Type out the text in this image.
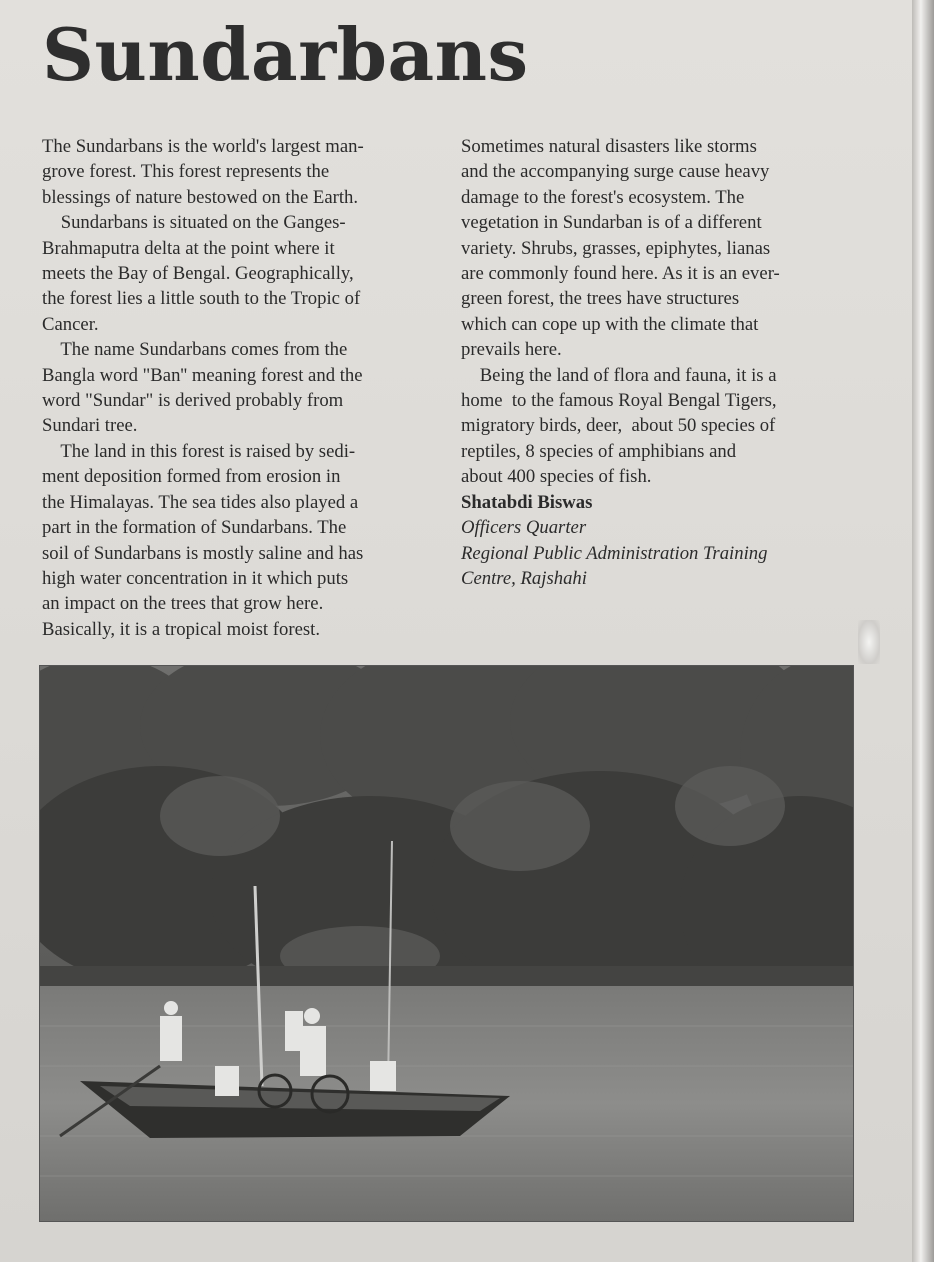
Sundarbans
The Sundarbans is the world's largest man-
grove forest. This forest represents the
blessings of nature bestowed on the Earth.
Sundarbans is situated on the Ganges-
Brahmaputra delta at the point where it
meets the Bay of Bengal. Geographically,
the forest lies a little south to the Tropic of
Cancer.
The name Sundarbans comes from the
Bangla word "Ban'' meaning forest and the
word "Sundar" is derived probably from
Sundari tree.
The land in this forest is raised by sedi-
ment deposition formed from erosion in
the Himalayas. The sea tides also played a
part in the formation of Sundarbans. The
soil of Sundarbans is mostly saline and has
high water concentration in it which puts
an impact on the trees that grow here.
Basically, it is a tropical moist forest.
Sometimes natural disasters like storms
and the accompanying surge cause heavy
damage to the forest's ecosystem. The
vegetation in Sundarban is of a different
variety. Shrubs, grasses, epiphytes, lianas
are commonly found here. As it is an ever-
green forest, the trees have structures
which can cope up with the climate that
prevails here.
Being the land of flora and fauna, it is a
home  to the famous Royal Bengal Tigers,
migratory birds, deer,  about 50 species of
reptiles, 8 species of amphibians and
about 400 species of fish.
Shatabdi Biswas
Officers Quarter
Regional Public Administration Training
Centre, Rajshahi
